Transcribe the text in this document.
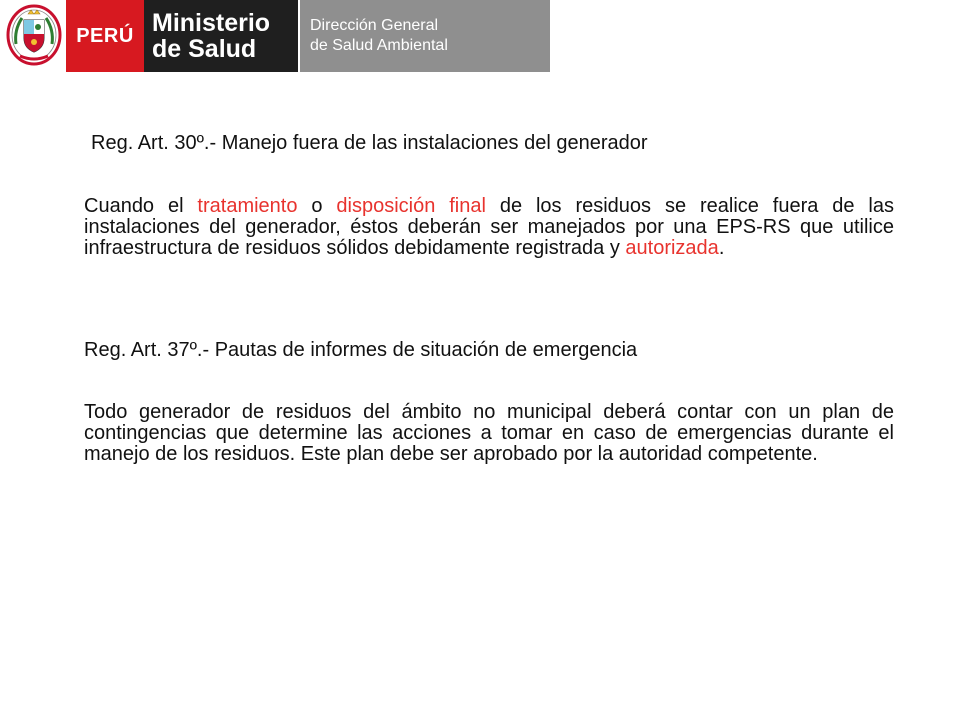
PERÚ Ministerio
de Salud
Dirección General
de Salud Ambiental
Reg. Art. 30º.- Manejo fuera de las instalaciones del generador
Cuando el tratamiento o disposición final de los residuos se realice fuera de las instalaciones del generador, éstos deberán ser manejados por una EPS-RS que utilice infraestructura de residuos sólidos debidamente registrada y autorizada.
Reg. Art. 37º.- Pautas de informes de situación de emergencia
Todo generador de residuos del ámbito no municipal deberá contar con un plan de contingencias que determine las acciones a tomar en caso de emergencias durante el manejo de los residuos. Este plan debe ser aprobado por la autoridad competente.
